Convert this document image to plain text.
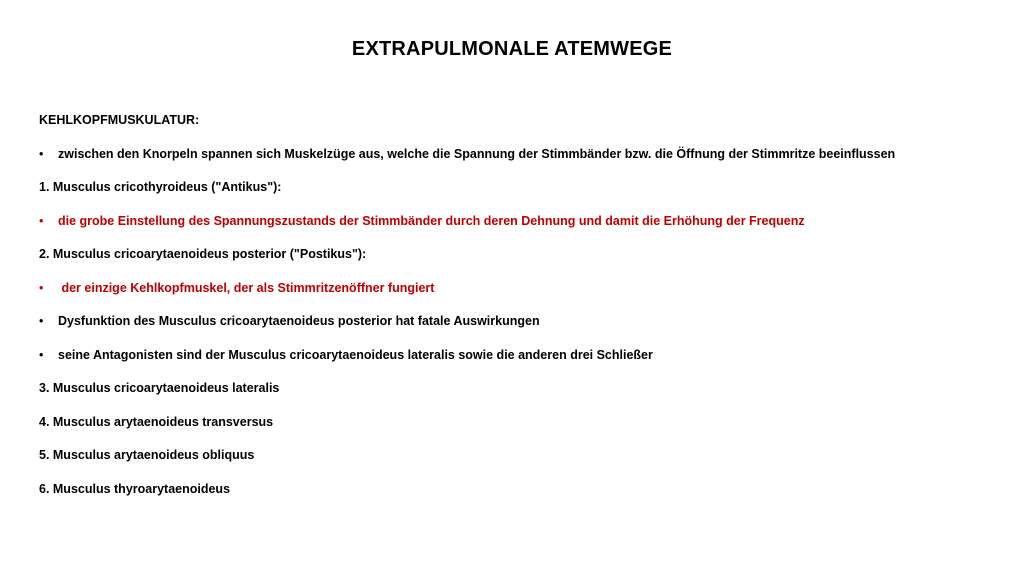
EXTRAPULMONALE ATEMWEGE
KEHLKOPFMUSKULATUR:
• zwischen den Knorpeln spannen sich Muskelzüge aus, welche die Spannung der Stimmbänder bzw. die Öffnung der Stimmritze beeinflussen
1. Musculus cricothyroideus ("Antikus"):
• die grobe Einstellung des Spannungszustands der Stimmbänder durch deren Dehnung und damit die Erhöhung der Frequenz
2. Musculus cricoarytaenoideus posterior ("Postikus"):
• der einzige Kehlkopfmuskel, der als Stimmritzenöffner fungiert
• Dysfunktion des Musculus cricoarytaenoideus posterior hat fatale Auswirkungen
• seine Antagonisten sind der Musculus cricoarytaenoideus lateralis sowie die anderen drei Schließer
3. Musculus cricoarytaenoideus lateralis
4. Musculus arytaenoideus transversus
5. Musculus arytaenoideus obliquus
6. Musculus thyroarytaenoideus
